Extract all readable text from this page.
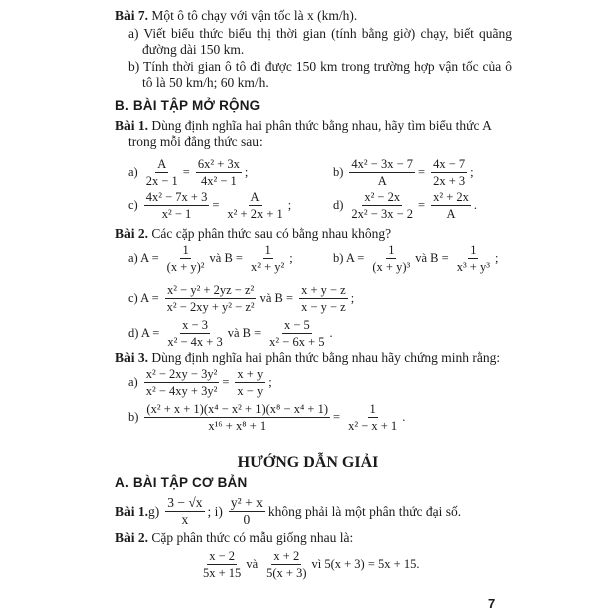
Bài 7. Một ô tô chạy với vận tốc là x (km/h).
a) Viết biểu thức biểu thị thời gian (tính bằng giờ) chạy, biết quãng đường dài 150 km.
b) Tính thời gian ô tô đi được 150 km trong trường hợp vận tốc của ô tô là 50 km/h; 60 km/h.
B. BÀI TẬP MỞ RỘNG
Bài 1. Dùng định nghĩa hai phân thức bằng nhau, hãy tìm biểu thức A
trong mỗi đẳng thức sau:
$a) \frac{A}{2x - 1} = \frac{\text{6x² + 3x}}{\text{4x² − 1}}$ ;	$b) \frac{\text{4x² − 3x − 7}}{A} = \frac{4x - 7}{2x + 3}$ ;
$c) \frac{\text{4x² − 7x + 3}}{\text{x² − 1}} = \frac{A}{\text{x² + 2x + 1}}$ ;	$d) \frac{\text{x² − 2x}}{\text{2x² − 3x − 2}} = \frac{\text{x² + 2x}}{A}$ .
Bài 2. Các cặp phân thức sau có bằng nhau không?
a) $A = \frac{1}{\text{(x + y)²}}$ và $B = \frac{1}{\text{x² + y²}}$ ;	b) $A = \frac{1}{\text{(x + y)³}}$ và $B = \frac{1}{\text{x³ + y³}}$ ;
c) $A = \frac{\text{x² − y² + 2yz − z²}}{\text{x² − 2xy + y² − z²}}$ và $B = \frac{x + y - z}{x - y - z}$ ;
d) $A = \frac{x - 3}{\text{x² − 4x + 3}}$ và $B = \frac{x - 5}{\text{x² − 6x + 5}}$ .
Bài 3. Dùng định nghĩa hai phân thức bằng nhau hãy chứng minh rằng:
$a) \frac{\text{x² − 2xy − 3y²}}{\text{x² − 4xy + 3y²}} = \frac{x + y}{x - y}$ ;
$b) \frac{\text{(x² + x + 1)(x⁴ − x² + 1)(x⁸ − x⁴ + 1)}}{\text{x¹⁶ + x⁸ + 1}} = \frac{1}{\text{x² − x + 1}}$ .
HƯỚNG DẪN GIẢI
A. BÀI TẬP CƠ BẢN
Bài 1. $g) \frac{3 - √x}{x}$ ; $i) \frac{\text{y² + x}}{0}$ không phải là một phân thức đại số.
Bài 2. Cặp phân thức có mẫu giống nhau là:
$\frac{x - 2}{5x + 15}$ và $\frac{x + 2}{5(x + 3)}$ vì 5(x + 3) = 5x + 15.
7
